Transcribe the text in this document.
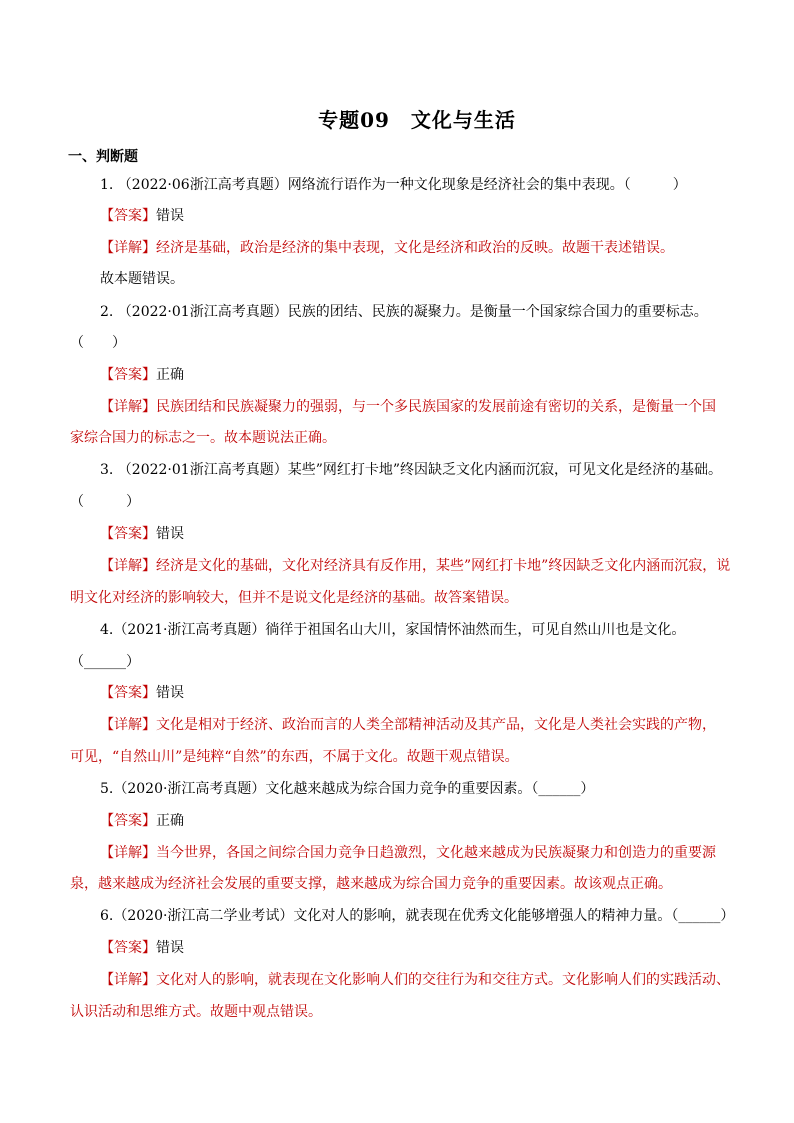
专题09　文化与生活
一、判断题
1. （2022·06浙江高考真题）网络流行语作为一种文化现象是经济社会的集中表现。（　　　）
【答案】错误
【详解】经济是基础，政治是经济的集中表现，文化是经济和政治的反映。故题干表述错误。
故本题错误。
2. （2022·01浙江高考真题）民族的团结、民族的凝聚力。是衡量一个国家综合国力的重要标志。
（　　）
【答案】正确
【详解】民族团结和民族凝聚力的强弱，与一个多民族国家的发展前途有密切的关系，是衡量一个国
家综合国力的标志之一。故本题说法正确。
3. （2022·01浙江高考真题）某些”网红打卡地”终因缺乏文化内涵而沉寂，可见文化是经济的基础。
（　　　）
【答案】错误
【详解】经济是文化的基础，文化对经济具有反作用，某些”网红打卡地”终因缺乏文化内涵而沉寂，说
明文化对经济的影响较大，但并不是说文化是经济的基础。故答案错误。
4.（2021·浙江高考真题）徜徉于祖国名山大川，家国情怀油然而生，可见自然山川也是文化。
（______）
【答案】错误
【详解】文化是相对于经济、政治而言的人类全部精神活动及其产品，文化是人类社会实践的产物，
可见，“自然山川”是纯粹“自然”的东西，不属于文化。故题干观点错误。
5.（2020·浙江高考真题）文化越来越成为综合国力竞争的重要因素。（______）
【答案】正确
【详解】当今世界，各国之间综合国力竞争日趋激烈，文化越来越成为民族凝聚力和创造力的重要源
泉，越来越成为经济社会发展的重要支撑，越来越成为综合国力竞争的重要因素。故该观点正确。
6.（2020·浙江高二学业考试）文化对人的影响，就表现在优秀文化能够增强人的精神力量。（______）
【答案】错误
【详解】文化对人的影响，就表现在文化影响人们的交往行为和交往方式。文化影响人们的实践活动、
认识活动和思维方式。故题中观点错误。
